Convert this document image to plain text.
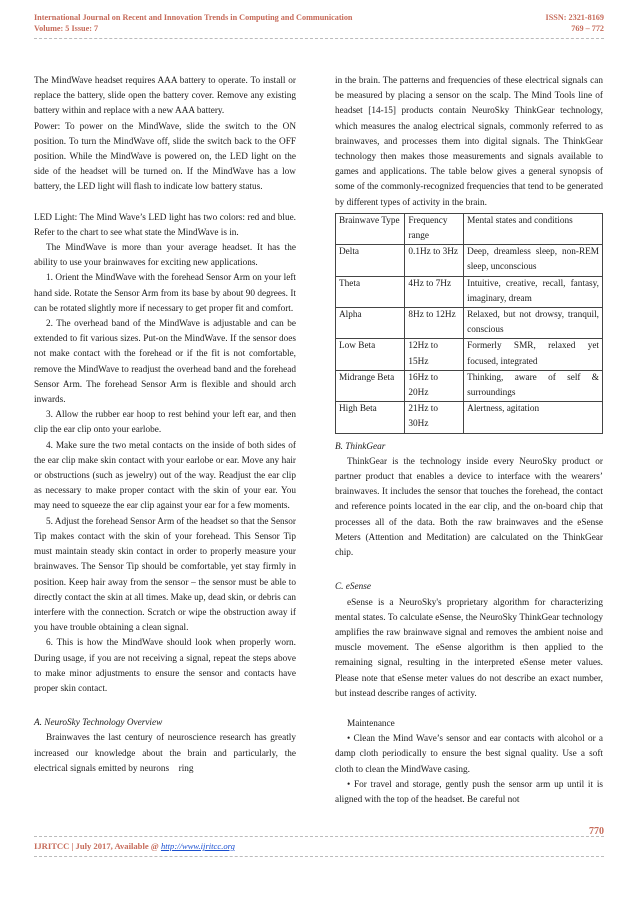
International Journal on Recent and Innovation Trends in Computing and Communication
Volume: 5 Issue: 7
ISSN: 2321-8169
769 – 772

The MindWave headset requires AAA battery to operate. To install or replace the battery, slide open the battery cover. Remove any existing battery within and replace with a new AAA battery.

Power: To power on the MindWave, slide the switch to the ON position. To turn the MindWave off, slide the switch back to the OFF position. While the MindWave is powered on, the LED light on the side of the headset will be turned on. If the MindWave has a low battery, the LED light will flash to indicate low battery status.

LED Light: The Mind Wave’s LED light has two colors: red and blue. Refer to the chart to see what state the MindWave is in.

The MindWave is more than your average headset. It has the ability to use your brainwaves for exciting new applications.

1. Orient the MindWave with the forehead Sensor Arm on your left hand side. Rotate the Sensor Arm from its base by about 90 degrees. It can be rotated slightly more if necessary to get proper fit and comfort.

2. The overhead band of the MindWave is adjustable and can be extended to fit various sizes. Put-on the MindWave. If the sensor does not make contact with the forehead or if the fit is not comfortable, remove the MindWave to readjust the overhead band and the forehead Sensor Arm. The forehead Sensor Arm is flexible and should arch inwards.

3. Allow the rubber ear hoop to rest behind your left ear, and then clip the ear clip onto your earlobe.

4. Make sure the two metal contacts on the inside of both sides of the ear clip make skin contact with your earlobe or ear. Move any hair or obstructions (such as jewelry) out of the way. Readjust the ear clip as necessary to make proper contact with the skin of your ear. You may need to squeeze the ear clip against your ear for a few moments.

5. Adjust the forehead Sensor Arm of the headset so that the Sensor Tip makes contact with the skin of your forehead. This Sensor Tip must maintain steady skin contact in order to properly measure your brainwaves. The Sensor Tip should be comfortable, yet stay firmly in position. Keep hair away from the sensor – the sensor must be able to directly contact the skin at all times. Make up, dead skin, or debris can interfere with the connection. Scratch or wipe the obstruction away if you have trouble obtaining a clean signal.

6. This is how the MindWave should look when properly worn. During usage, if you are not receiving a signal, repeat the steps above to make minor adjustments to ensure the sensor and contacts have proper skin contact.

A. NeuroSky Technology Overview

Brainwaves the last century of neuroscience research has greatly increased our knowledge about the brain and particularly, the electrical signals emitted by neurons ring

in the brain. The patterns and frequencies of these electrical signals can be measured by placing a sensor on the scalp. The Mind Tools line of headset [14-15] products contain NeuroSky ThinkGear technology, which measures the analog electrical signals, commonly referred to as brainwaves, and processes them into digital signals. The ThinkGear technology then makes those measurements and signals available to games and applications. The table below gives a general synopsis of some of the commonly-recognized frequencies that tend to be generated by different types of activity in the brain.

Brainwave Type	Frequency range	Mental states and conditions
Delta	0.1Hz to 3Hz	Deep, dreamless sleep, non-REM sleep, unconscious
Theta	4Hz to 7Hz	Intuitive, creative, recall, fantasy, imaginary, dream
Alpha	8Hz to 12Hz	Relaxed, but not drowsy, tranquil, conscious
Low Beta	12Hz to 15Hz	Formerly SMR, relaxed yet focused, integrated
Midrange Beta	16Hz to 20Hz	Thinking, aware of self & surroundings
High Beta	21Hz to 30Hz	Alertness, agitation

B. ThinkGear

ThinkGear is the technology inside every NeuroSky product or partner product that enables a device to interface with the wearers’ brainwaves. It includes the sensor that touches the forehead, the contact and reference points located in the ear clip, and the on-board chip that processes all of the data. Both the raw brainwaves and the eSense Meters (Attention and Meditation) are calculated on the ThinkGear chip.

C. eSense

eSense is a NeuroSky's proprietary algorithm for characterizing mental states. To calculate eSense, the NeuroSky ThinkGear technology amplifies the raw brainwave signal and removes the ambient noise and muscle movement. The eSense algorithm is then applied to the remaining signal, resulting in the interpreted eSense meter values. Please note that eSense meter values do not describe an exact number, but instead describe ranges of activity.

Maintenance

• Clean the Mind Wave’s sensor and ear contacts with alcohol or a damp cloth periodically to ensure the best signal quality. Use a soft cloth to clean the MindWave casing.

• For travel and storage, gently push the sensor arm up until it is aligned with the top of the headset. Be careful not

770
IJRITCC | July 2017, Available @ http://www.ijritcc.org
